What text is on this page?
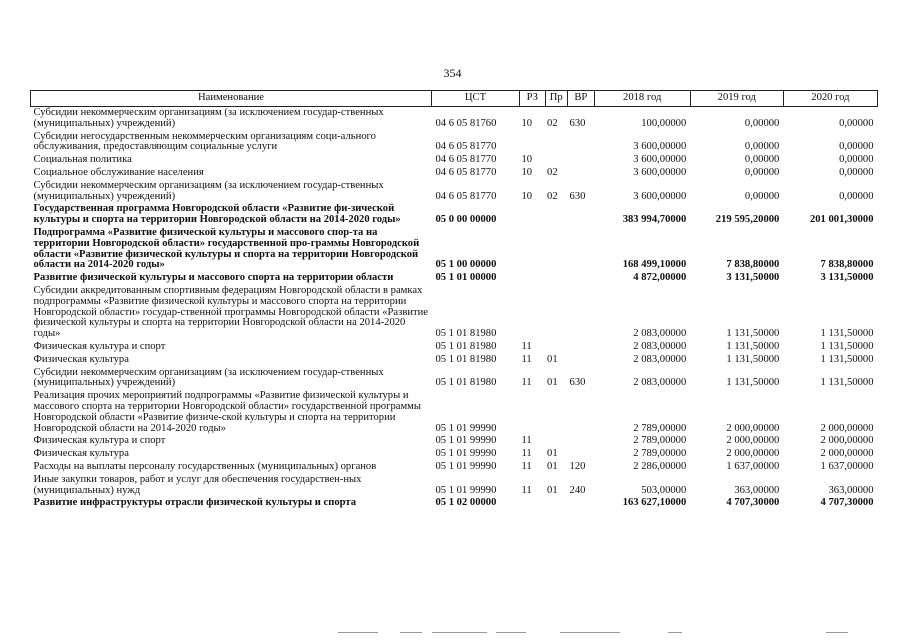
354
Наименование	ЦСТ	РЗ	Пр	ВР	2018 год	2019 год	2020 год
Субсидии некоммерческим организациям (за исключением государ-ственных (муниципальных) учреждений)	04 6 05 81760	10	02	630	100,00000	0,00000	0,00000
Субсидии негосударственным некоммерческим организациям соци-ального обслуживания, предоставляющим социальные услуги	04 6 05 81770				3 600,00000	0,00000	0,00000
Социальная политика	04 6 05 81770	10			3 600,00000	0,00000	0,00000
Социальное обслуживание населения	04 6 05 81770	10	02		3 600,00000	0,00000	0,00000
Субсидии некоммерческим организациям (за исключением государ-ственных (муниципальных) учреждений)	04 6 05 81770	10	02	630	3 600,00000	0,00000	0,00000
Государственная программа Новгородской области «Развитие фи-зической культуры и спорта на территории Новгородской области на 2014-2020 годы»	05 0 00 00000				383 994,70000	219 595,20000	201 001,30000
Подпрограмма «Развитие физической культуры и массового спор-та на территории Новгородской области» государственной про-граммы Новгородской области «Развитие физической культуры и спорта на территории Новгородской области на 2014-2020 годы»	05 1 00 00000				168 499,10000	7 838,80000	7 838,80000
Развитие физической культуры и массового спорта на территории области	05 1 01 00000				4 872,00000	3 131,50000	3 131,50000
Субсидии аккредитованным спортивным федерациям Новгородской области в рамках подпрограммы «Развитие физической культуры и массового спорта на территории Новгородской области» государ-ственной программы Новгородской области «Развитие физической культуры и спорта на территории Новгородской области на 2014-2020 годы»	05 1 01 81980				2 083,00000	1 131,50000	1 131,50000
Физическая культура и спорт	05 1 01 81980	11			2 083,00000	1 131,50000	1 131,50000
Физическая культура	05 1 01 81980	11	01		2 083,00000	1 131,50000	1 131,50000
Субсидии некоммерческим организациям (за исключением государ-ственных (муниципальных) учреждений)	05 1 01 81980	11	01	630	2 083,00000	1 131,50000	1 131,50000
Реализация прочих мероприятий подпрограммы «Развитие физической культуры и массового спорта на территории Новгородской области» государственной программы Новгородской области «Развитие физиче-ской культуры и спорта на территории Новгородской области на 2014-2020 годы»	05 1 01 99990				2 789,00000	2 000,00000	2 000,00000
Физическая культура и спорт	05 1 01 99990	11			2 789,00000	2 000,00000	2 000,00000
Физическая культура	05 1 01 99990	11	01		2 789,00000	2 000,00000	2 000,00000
Расходы на выплаты персоналу государственных (муниципальных) органов	05 1 01 99990	11	01	120	2 286,00000	1 637,00000	1 637,00000
Иные закупки товаров, работ и услуг для обеспечения государствен-ных (муниципальных) нужд	05 1 01 99990	11	01	240	503,00000	363,00000	363,00000
Развитие инфраструктуры отрасли физической культуры и спорта	05 1 02 00000				163 627,10000	4 707,30000	4 707,30000
